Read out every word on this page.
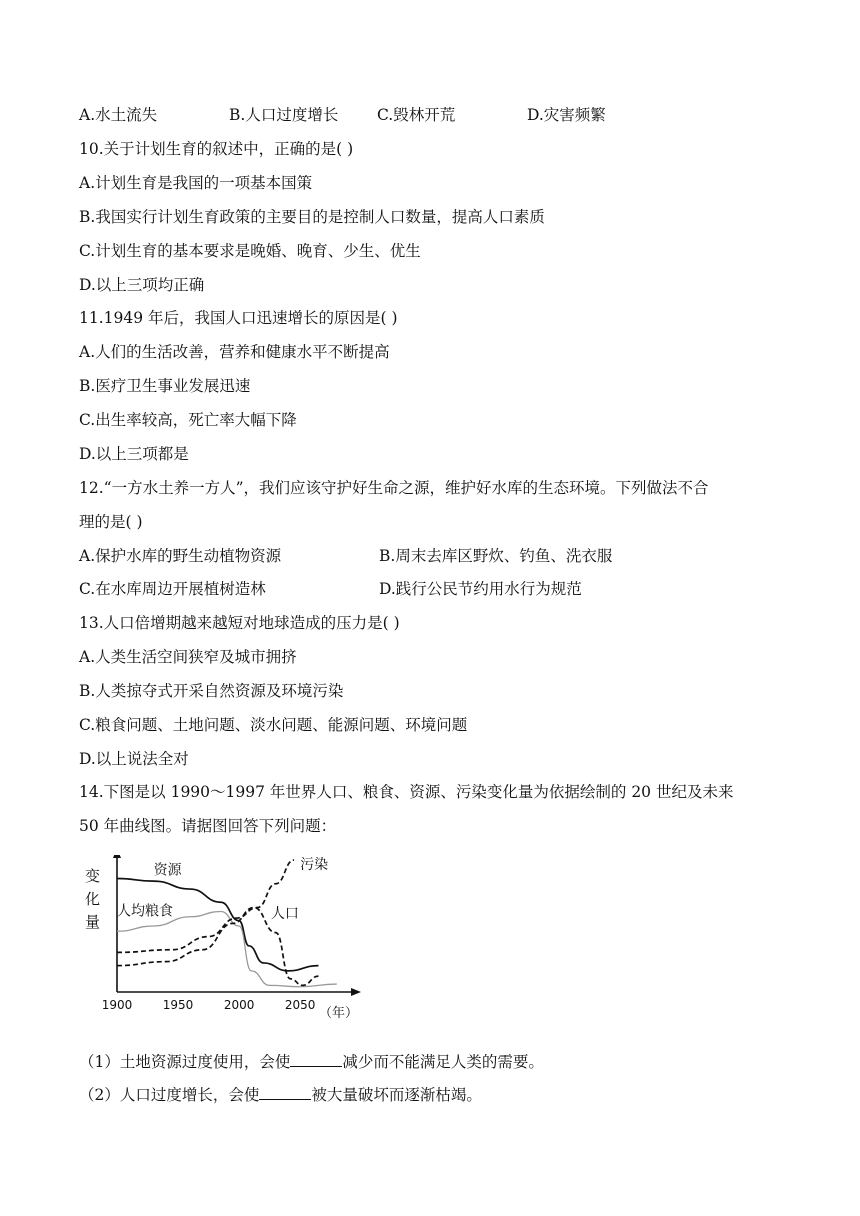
A.水土流失	B.人口过度增长 C.毁林开荒	D.灾害频繁
10.关于计划生育的叙述中，正确的是( )
A.计划生育是我国的一项基本国策
B.我国实行计划生育政策的主要目的是控制人口数量，提高人口素质
C.计划生育的基本要求是晚婚、晚育、少生、优生
D.以上三项均正确
11.1949 年后，我国人口迅速增长的原因是( )
A.人们的生活改善，营养和健康水平不断提高
B.医疗卫生事业发展迅速
C.出生率较高，死亡率大幅下降
D.以上三项都是
12.“一方水土养一方人”，我们应该守护好生命之源，维护好水库的生态环境。下列做法不合
理的是( )
A.保护水库的野生动植物资源	B.周末去库区野炊、钓鱼、洗衣服
C.在水库周边开展植树造林	D.践行公民节约用水行为规范
13.人口倍增期越来越短对地球造成的压力是( )
A.人类生活空间狭窄及城市拥挤
B.人类掠夺式开采自然资源及环境污染
C.粮食问题、土地问题、淡水问题、能源问题、环境问题
D.以上说法全对
14.下图是以 1990～1997 年世界人口、粮食、资源、污染变化量为依据绘制的 20 世纪及未来
50 年曲线图。请据图回答下列问题：
变
化
量
1900	1950	2000	2050
资源
人均粮食	人口
污染
（年）
（1）土地资源过度使用，会使	减少而不能满足人类的需要。
（2）人口过度增长，会使	被大量破坏而逐渐枯竭。
